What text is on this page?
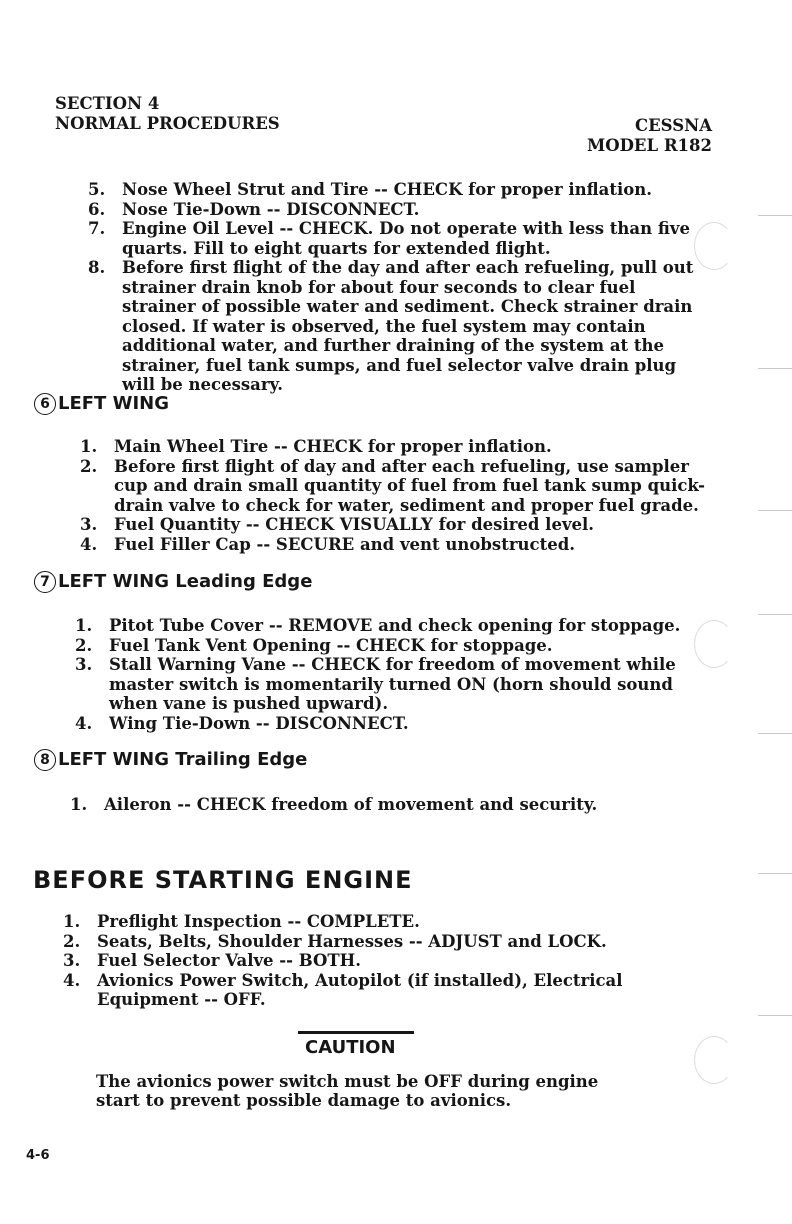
SECTION 4
NORMAL PROCEDURES	CESSNA
MODEL R182
5. Nose Wheel Strut and Tire -- CHECK for proper inflation.
6. Nose Tie-Down -- DISCONNECT.
7. Engine Oil Level -- CHECK. Do not operate with less than five quarts. Fill to eight quarts for extended flight.
8. Before first flight of the day and after each refueling, pull out strainer drain knob for about four seconds to clear fuel strainer of possible water and sediment. Check strainer drain closed. If water is observed, the fuel system may contain additional water, and further draining of the system at the strainer, fuel tank sumps, and fuel selector valve drain plug will be necessary.
6 LEFT WING
1. Main Wheel Tire -- CHECK for proper inflation.
2. Before first flight of day and after each refueling, use sampler cup and drain small quantity of fuel from fuel tank sump quick-drain valve to check for water, sediment and proper fuel grade.
3. Fuel Quantity -- CHECK VISUALLY for desired level.
4. Fuel Filler Cap -- SECURE and vent unobstructed.
7 LEFT WING Leading Edge
1. Pitot Tube Cover -- REMOVE and check opening for stoppage.
2. Fuel Tank Vent Opening -- CHECK for stoppage.
3. Stall Warning Vane -- CHECK for freedom of movement while master switch is momentarily turned ON (horn should sound when vane is pushed upward).
4. Wing Tie-Down -- DISCONNECT.
8 LEFT WING Trailing Edge
1. Aileron -- CHECK freedom of movement and security.
BEFORE STARTING ENGINE
1. Preflight Inspection -- COMPLETE.
2. Seats, Belts, Shoulder Harnesses -- ADJUST and LOCK.
3. Fuel Selector Valve -- BOTH.
4. Avionics Power Switch, Autopilot (if installed), Electrical Equipment -- OFF.
CAUTION
The avionics power switch must be OFF during engine start to prevent possible damage to avionics.
4-6
